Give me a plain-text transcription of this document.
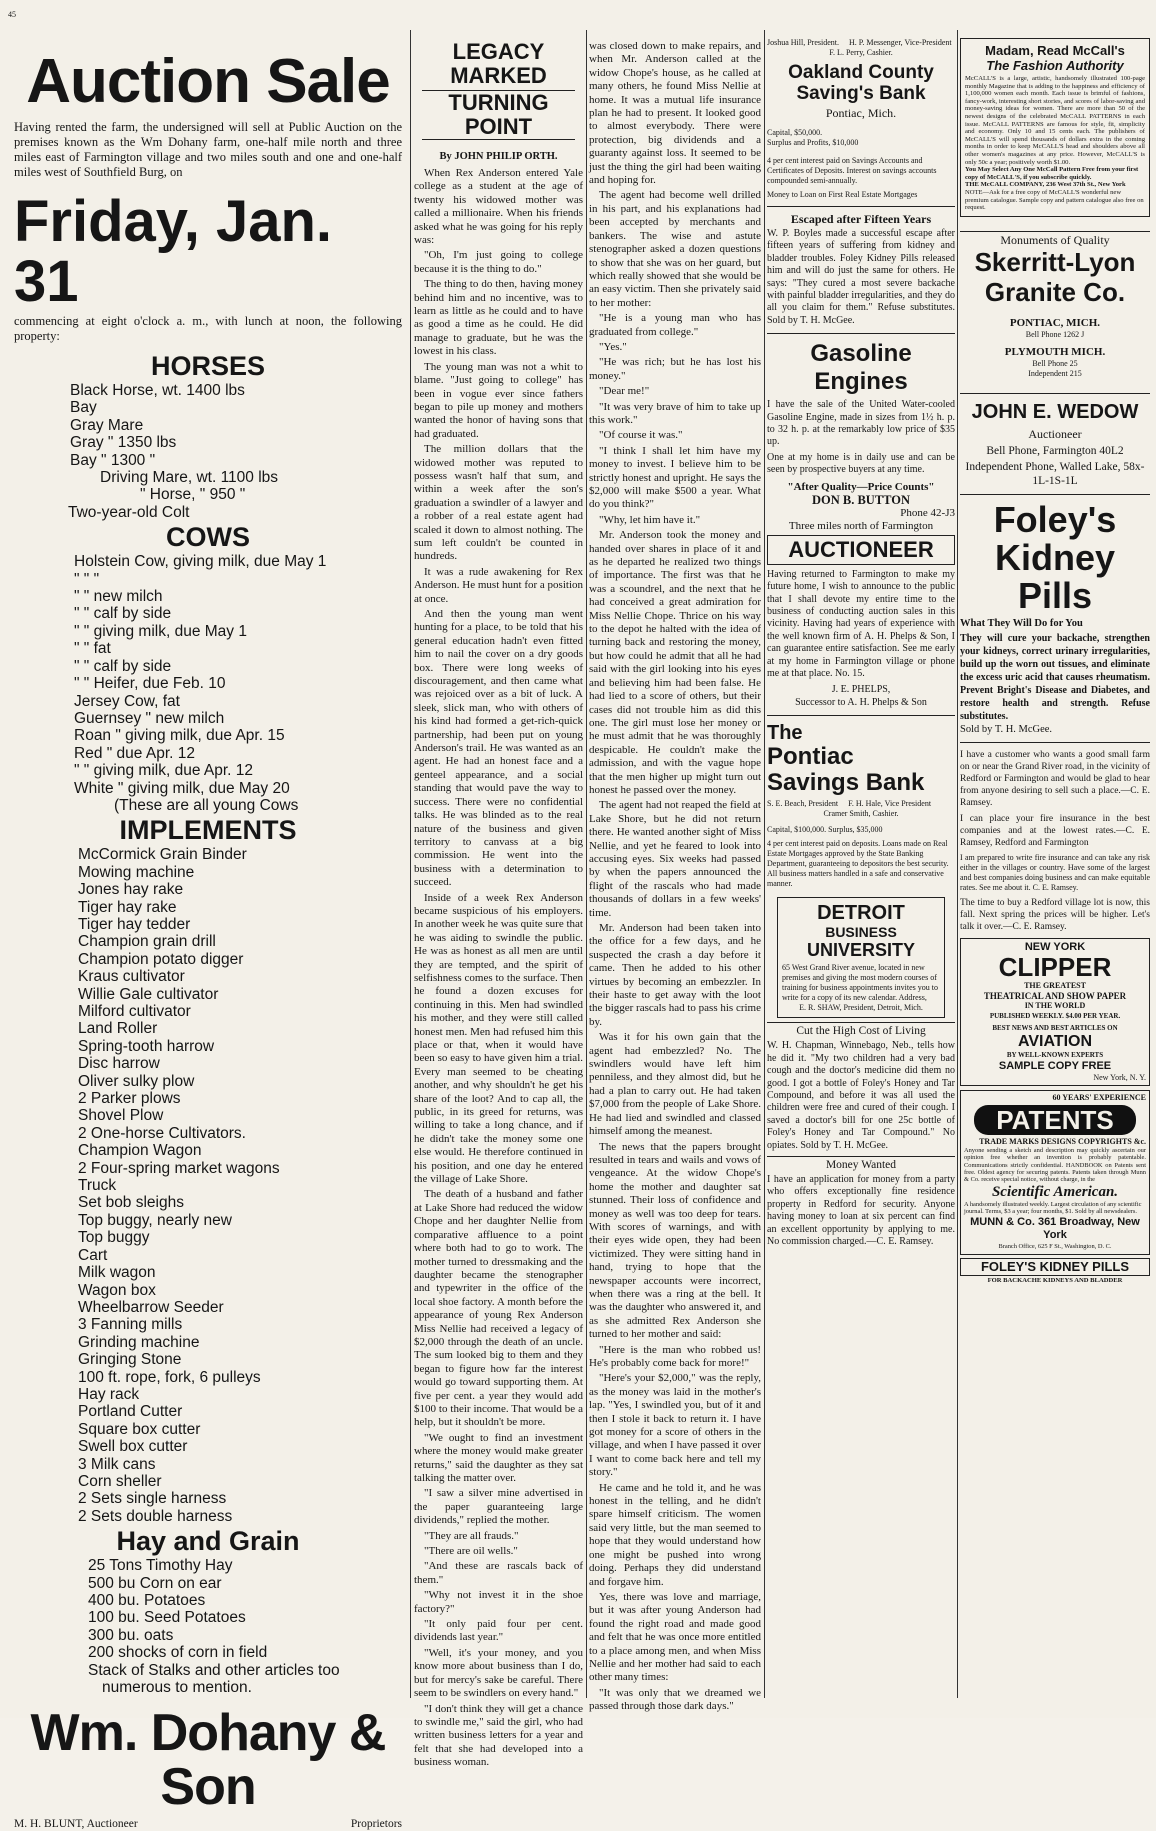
45
Auction Sale
Having rented the farm, the undersigned will sell at Public Auction on the premises known as the Wm Dohany farm, one-half mile north and three miles east of Farmington village and two miles south and one and one-half miles west of Southfield Burg, on
Friday, Jan. 31
commencing at eight o'clock a. m., with lunch at noon, the following property:
HORSES
Black Horse, wt. 1400 lbs
Bay
Gray Mare
Gray " 1350 lbs
Bay " 1300 "
Driving Mare, wt. 1100 lbs
" Horse, " 950 "
Two-year-old Colt
COWS
Holstein Cow, giving milk, due May 1
" " "
" " new milch
" " calf by side
" " giving milk, due May 1
" " fat
" " calf by side
" " Heifer, due Feb. 10
Jersey Cow, fat
Guernsey " new milch
Roan " giving milk, due Apr. 15
Red " due Apr. 12
" " giving milk, due Apr. 12
White " giving milk, due May 20
(These are all young Cows
IMPLEMENTS
McCormick Grain Binder
Mowing machine
Jones hay rake
Tiger hay rake
Tiger hay tedder
Champion grain drill
Champion potato digger
Kraus cultivator
Willie Gale cultivator
Milford cultivator
Land Roller
Spring-tooth harrow
Disc harrow
Oliver sulky plow
2 Parker plows
Shovel Plow
2 One-horse Cultivators.
Champion Wagon
2 Four-spring market wagons
Truck
Set bob sleighs
Top buggy, nearly new
Top buggy
Cart
Milk wagon
Wagon box
Wheelbarrow Seeder
3 Fanning mills
Grinding machine
Gringing Stone
100 ft. rope, fork, 6 pulleys
Hay rack
Portland Cutter
Square box cutter
Swell box cutter
3 Milk cans
Corn sheller
2 Sets single harness
2 Sets double harness
Hay and Grain
25 Tons Timothy Hay
500 bu Corn on ear
400 bu. Potatoes
100 bu. Seed Potatoes
300 bu. oats
200 shocks of corn in field
Stack of Stalks and other articles too
numerous to mention.
Wm. Dohany & Son
M. H. BLUNT, Auctioneer	Proprietors
LEGACY MARKED
TURNING POINT
By JOHN PHILIP ORTH.

When Rex Anderson entered Yale college as a student at the age of twenty his widowed mother was called a millionaire. When his friends asked what he was going for his reply was:

"Oh, I'm just going to college because it is the thing to do."

The thing to do then, having money behind him and no incentive, was to learn as little as he could and to have as good a time as he could. He did manage to graduate, but he was the lowest in his class.

The young man was not a whit to blame. "Just going to college" has been in vogue ever since fathers began to pile up money and mothers wanted the honor of having sons that had graduated.

The million dollars that the widowed mother was reputed to possess wasn't half that sum, and within a week after the son's graduation a swindler of a lawyer and a robber of a real estate agent had scaled it down to almost nothing. The sum left couldn't be counted in hundreds.

It was a rude awakening for Rex Anderson. He must hunt for a position at once.

And then the young man went hunting for a place, to be told that his general education hadn't even fitted him to nail the cover on a dry goods box. There were long weeks of discouragement, and then came what was rejoiced over as a bit of luck. A sleek, slick man, who with others of his kind had formed a get-rich-quick partnership, had been put on young Anderson's trail. He was wanted as an agent. He had an honest face and a genteel appearance, and a social standing that would pave the way to success. There were no confidential talks. He was blinded as to the real nature of the business and given territory to canvass at a big commission. He went into the business with a determination to succeed.

Inside of a week Rex Anderson became suspicious of his employers. In another week he was quite sure that he was aiding to swindle the public. He was as honest as all men are until they are tempted, and the spirit of selfishness comes to the surface. Then he found a dozen excuses for continuing in this. Men had swindled his mother, and they were still called honest men. Men had refused him this place or that, when it would have been so easy to have given him a trial. Every man seemed to be cheating another, and why shouldn't he get his share of the loot? And to cap all, the public, in its greed for returns, was willing to take a long chance, and if he didn't take the money some one else would. He therefore continued in his position, and one day he entered the village of Lake Shore.

The death of a husband and father at Lake Shore had reduced the widow Chope and her daughter Nellie from comparative affluence to a point where both had to go to work. The mother turned to dressmaking and the daughter became the stenographer and typewriter in the office of the local shoe factory. A month before the appearance of young Rex Anderson Miss Nellie had received a legacy of $2,000 through the death of an uncle. The sum looked big to them and they began to figure how far the interest would go toward supporting them. At five per cent. a year they would add $100 to their income. That would be a help, but it shouldn't be more.

"We ought to find an investment where the money would make greater returns," said the daughter as they sat talking the matter over.

"I saw a silver mine advertised in the paper guaranteeing large dividends," replied the mother.

"They are all frauds."

"There are oil wells."

"And these are rascals back of them."

"Why not invest it in the shoe factory?"

"It only paid four per cent. dividends last year."

"Well, it's your money, and you know more about business than I do, but for mercy's sake be careful. There seem to be swindlers on every hand."

"I don't think they will get a chance to swindle me," said the girl, who had written business letters for a year and felt that she had developed into a business woman.

was closed down to make repairs, and when Mr. Anderson called at the widow Chope's house, as he called at many others, he found Miss Nellie at home. It was a mutual life insurance plan he had to present. It looked good to almost everybody. There were protection, big dividends and a guaranty against loss. It seemed to be just the thing the girl had been waiting and hoping for.

The agent had become well drilled in his part, and his explanations had been accepted by merchants and bankers. The wise and astute stenographer asked a dozen questions to show that she was on her guard, but which really showed that she would be an easy victim. Then she privately said to her mother:

"He is a young man who has graduated from college."

"Yes."

"He was rich; but he has lost his money."

"Dear me!"

"It was very brave of him to take up this work."

"Of course it was."

"I think I shall let him have my money to invest. I believe him to be strictly honest and upright. He says the $2,000 will make $500 a year. What do you think?"

"Why, let him have it."

Mr. Anderson took the money and handed over shares in place of it and as he departed he realized two things of importance. The first was that he was a scoundrel, and the next that he had conceived a great admiration for Miss Nellie Chope. Thrice on his way to the depot he halted with the idea of turning back and restoring the money, but how could he admit that all he had said with the girl looking into his eyes and believing him had been false. He had lied to a score of others, but their cases did not trouble him as did this one. The girl must lose her money or he must admit that he was thoroughly despicable. He couldn't make the admission, and with the vague hope that the men higher up might turn out honest he passed over the money.

The agent had not reaped the field at Lake Shore, but he did not return there. He wanted another sight of Miss Nellie, and yet he feared to look into accusing eyes. Six weeks had passed by when the papers announced the flight of the rascals who had made thousands of dollars in a few weeks' time.

Mr. Anderson had been taken into the office for a few days, and he suspected the crash a day before it came. Then he added to his other virtues by becoming an embezzler. In their haste to get away with the loot the bigger rascals had to pass his crime by.

Was it for his own gain that the agent had embezzled? No. The swindlers would have left him penniless, and they almost did, but he had a plan to carry out. He had taken $7,000 from the people of Lake Shore. He had lied and swindled and classed himself among the meanest.

The news that the papers brought resulted in tears and wails and vows of vengeance. At the widow Chope's home the mother and daughter sat stunned. Their loss of confidence and money as well was too deep for tears. With scores of warnings, and with their eyes wide open, they had been victimized. They were sitting hand in hand, trying to hope that the newspaper accounts were incorrect, when there was a ring at the bell. It was the daughter who answered it, and as she admitted Rex Anderson she turned to her mother and said:

"Here is the man who robbed us! He's probably come back for more!"

"Here's your $2,000," was the reply, as the money was laid in the mother's lap. "Yes, I swindled you, but of it and then I stole it back to return it. I have got money for a score of others in the village, and when I have passed it over I want to come back here and tell my story."

He came and he told it, and he was honest in the telling, and he didn't spare himself criticism. The women said very little, but the man seemed to hope that they would understand how one might be pushed into wrong doing. Perhaps they did understand and forgave him.

Yes, there was love and marriage, but it was after young Anderson had found the right road and made good and felt that he was once more entitled to a place among men, and when Miss Nellie and her mother had said to each other many times:

"It was only that we dreamed we passed through those dark days."

Joshua Hill, President.     H. P. Messenger, Vice-President
F. L. Perry, Cashier.
Oakland County Saving's Bank
Pontiac, Mich.
Capital, $50,000.
Surplus and Profits, $10,000
4 per cent interest paid on Savings Accounts and Certificates of Deposits. Interest on savings accounts compounded semi-annually.
Money to Loan on First Real Estate Mortgages
Escaped after Fifteen Years
W. P. Boyles made a successful escape after fifteen years of suffering from kidney and bladder troubles. Foley Kidney Pills released him and will do just the same for others. He says: "They cured a most severe backache with painful bladder irregularities, and they do all you claim for them." Refuse substitutes. Sold by T. H. McGee.
Gasoline Engines
I have the sale of the United Water-cooled Gasoline Engine, made in sizes from 1½ h. p. to 32 h. p. at the remarkably low price of $35 up.
One at my home is in daily use and can be seen by prospective buyers at any time.
"After Quality—Price Counts"
DON B. BUTTON
Phone 42-J3
Three miles north of Farmington
AUCTIONEER
Having returned to Farmington to make my future home, I wish to announce to the public that I shall devote my entire time to the business of conducting auction sales in this vicinity. Having had years of experience with the well known firm of A. H. Phelps & Son, I can guarantee entire satisfaction. See me early at my home in Farmington village or phone me at that place. No. 15.
J. E. PHELPS,
Successor to A. H. Phelps & Son
The
Pontiac
Savings Bank
S. E. Beach, President     F. H. Hale, Vice President
Cramer Smith, Cashier.
Capital, $100,000. Surplus, $35,000
4 per cent interest paid on deposits. Loans made on Real Estate Mortgages approved by the State Banking Department, guaranteeing to depositors the best security. All business matters handled in a safe and conservative manner.
DETROIT
BUSINESS
UNIVERSITY
65 West Grand River avenue, located in new premises and giving the most modern courses of training for business appointments invites you to write for a copy of its new calendar. Address,
E. R. SHAW, President, Detroit, Mich.
Cut the High Cost of Living
W. H. Chapman, Winnebago, Neb., tells how he did it. "My two children had a very bad cough and the doctor's medicine did them no good. I got a bottle of Foley's Honey and Tar Compound, and before it was all used the children were free and cured of their cough. I saved a doctor's bill for one 25c bottle of Foley's Honey and Tar Compound." No opiates. Sold by T. H. McGee.
Money Wanted
I have an application for money from a party who offers exceptionally fine residence property in Redford for security. Anyone having money to loan at six percent can find an excellent opportunity by applying to me. No commission charged.—C. E. Ramsey.
Madam, Read McCall's
The Fashion Authority
McCALL'S is a large, artistic, handsomely illustrated 100-page monthly Magazine that is adding to the happiness and efficiency of 1,100,000 women each month. Each issue is brimful of fashions, fancy-work, interesting short stories, and scores of labor-saving and money-saving ideas for women. There are more than 50 of the newest designs of the celebrated McCALL PATTERNS in each issue. McCALL PATTERNS are famous for style, fit, simplicity and economy. Only 10 and 15 cents each. The publishers of McCALL'S will spend thousands of dollars extra in the coming months in order to keep McCALL'S head and shoulders above all other women's magazines at any price. However, McCALL'S is only 50c a year; positively worth $1.00.
You May Select Any One McCall Pattern Free from your first copy of McCALL'S, if you subscribe quickly.
THE McCALL COMPANY, 236 West 37th St., New York
NOTE—Ask for a free copy of McCALL'S wonderful new premium catalogue. Sample copy and pattern catalogue also free on request.
Monuments of Quality
Skerritt-Lyon
Granite Co.
PONTIAC, MICH.
Bell Phone 1262 J
PLYMOUTH MICH.
Bell Phone 25
Independent 215
JOHN E. WEDOW
Auctioneer
Bell Phone, Farmington 40L2
Independent Phone, Walled Lake, 58x-1L-1S-1L
Foley's
Kidney
Pills
What They Will Do for You
They will cure your backache, strengthen your kidneys, correct urinary irregularities, build up the worn out tissues, and eliminate the excess uric acid that causes rheumatism. Prevent Bright's Disease and Diabetes, and restore health and strength. Refuse substitutes.
Sold by T. H. McGee.
I have a customer who wants a good small farm on or near the Grand River road, in the vicinity of Redford or Farmington and would be glad to hear from anyone desiring to sell such a place.—C. E. Ramsey.
I can place your fire insurance in the best companies and at the lowest rates.—C. E. Ramsey, Redford and Farmington
I am prepared to write fire insurance and can take any risk either in the villages or country. Have some of the largest and best companies doing business and can make equitable rates. See me about it. C. E. Ramsey.
The time to buy a Redford village lot is now, this fall. Next spring the prices will be higher. Let's talk it over.—C. E. Ramsey.
NEW YORK
CLIPPER
THE GREATEST
THEATRICAL AND SHOW PAPER
IN THE WORLD
PUBLISHED WEEKLY. $4.00 PER YEAR.
BEST NEWS AND BEST ARTICLES ON
AVIATION
BY WELL-KNOWN EXPERTS
SAMPLE COPY FREE
New York, N. Y.
60 YEARS' EXPERIENCE
PATENTS
TRADE MARKS DESIGNS COPYRIGHTS &c.
Anyone sending a sketch and description may quickly ascertain our opinion free whether an invention is probably patentable. Communications strictly confidential. HANDBOOK on Patents sent free. Oldest agency for securing patents. Patents taken through Munn & Co. receive special notice, without charge, in the
Scientific American.
A handsomely illustrated weekly. Largest circulation of any scientific journal. Terms, $3 a year; four months, $1. Sold by all newsdealers.
MUNN & Co. 361 Broadway, New York
Branch Office, 625 F St., Washington, D. C.
FOLEY'S KIDNEY PILLS
FOR BACKACHE KIDNEYS AND BLADDER
